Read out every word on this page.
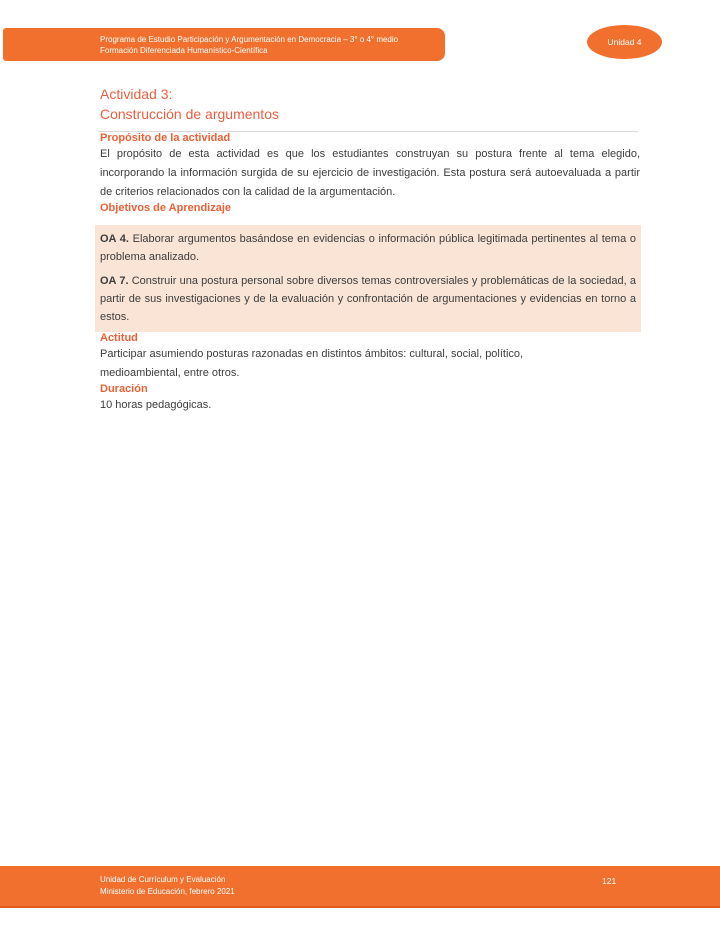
Programa de Estudio Participación y Argumentación en Democracia – 3° o 4° medio
Formación Diferenciada Humanístico-Científica
Unidad 4
Actividad 3:
Construcción de argumentos
Propósito de la actividad

El propósito de esta actividad es que los estudiantes construyan su postura frente al tema elegido, incorporando la información surgida de su ejercicio de investigación. Esta postura será autoevaluada a partir de criterios relacionados con la calidad de la argumentación.

Objetivos de Aprendizaje

OA 4. Elaborar argumentos basándose en evidencias o información pública legitimada pertinentes al tema o problema analizado.

OA 7. Construir una postura personal sobre diversos temas controversiales y problemáticas de la sociedad, a partir de sus investigaciones y de la evaluación y confrontación de argumentaciones y evidencias en torno a estos.

Actitud

Participar asumiendo posturas razonadas en distintos ámbitos: cultural, social, político, medioambiental, entre otros.

Duración

10 horas pedagógicas.

Unidad de Currículum y Evaluación
Ministerio de Educación, febrero 2021
121
